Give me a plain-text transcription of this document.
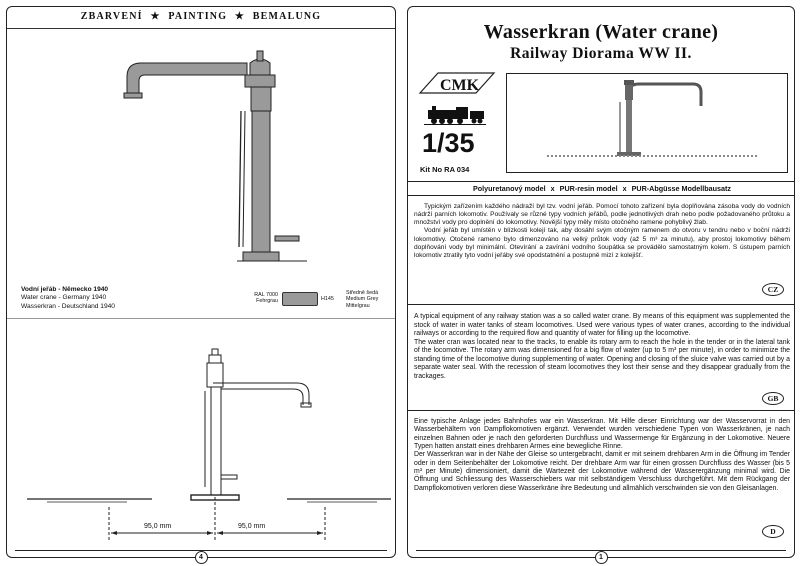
ZBARVENÍ ★ PAINTING ★ BEMALUNG
Vodní jeřáb - Německo 1940
Water crane - Germany 1940
Wasserkran - Deutschland 1940
RAL 7000
Fehrgrau	H145
Středně šedá
Medium Grey
Mittelgrau
95,0 mm	95,0 mm
4
Wasserkran (Water crane)
Railway Diorama WW II.
CMK
1/35
Kit No RA 034
Polyuretanový model x PUR-resin model x PUR-Abgüsse Modellbausatz

Typickým zařízením každého nádraží byl tzv. vodní jeřáb. Pomocí tohoto zařízení byla doplňována zásoba vody do vodních nádrží parních lokomotiv. Používaly se různé typy vodních jeřábů, podle jednotlivých drah nebo podle požadovaného průtoku a množství vody pro doplnění do lokomotivy. Novější typy měly místo otočného ramene pohyblivý žlab.

Vodní jeřáb byl umístěn v blízkosti kolejí tak, aby dosáhl svým otočným ramenem do otvoru v tendru nebo v boční nádrži lokomotivy. Otočené rameno bylo dimenzováno na velký průtok vody (až 5 m³ za minutu), aby prostoj lokomotivy během doplňování vody byl minimální. Otevírání a zavírání vodního šoupátka se provádělo samostatným kolem. S ústupem parních lokomotiv ztratily tyto vodní jeřáby své opodstatnění a postupně mizí z kolejišť.

CZ

A typical equipment of any railway station was a so called water crane. By means of this equipment was supplemented the stock of water in water tanks of steam locomotives. Used were various types of water cranes, according to the individual railways or according to the required flow and quantity of water for filling up the locomotive.

The water cran was located near to the tracks, to enable its rotary arm to reach the hole in the tender or in the lateral tank of the locomotive. The rotary arm was dimensioned for a big flow of water (up to 5 m³ per minute), in order to minimize the standing time of the locomotive during supplementing of water. Opening and closing of the sluice valve was carried out by a separate water seal. With the recession of steam locomotives they lost their sense and they disappear gradually from the trackages.

GB

Eine typische Anlage jedes Bahnhofes war ein Wasserkran. Mit Hilfe dieser Einrichtung war der Wasservorrat in den Wasserbehältern von Dampflokomotiven ergänzt. Verwendet wurden verschiedene Typen von Wasserkränen, je nach einzelnen Bahnen oder je nach den geforderten Durchfluss und Wassermenge für Ergänzung in der Lokomotive. Neuere Typen hatten anstatt eines drehbaren Armes eine bewegliche Rinne.

Der Wasserkran war in der Nähe der Gleise so untergebracht, damit er mit seinem drehbaren Arm in die Öffnung im Tender oder in dem Seitenbehälter der Lokomotive reicht. Der drehbare Arm war für einen grossen Durchfluss des Wasser (bis 5 m³ per Minute) dimensioniert, damit die Wartezeit der Lokomotive während der Wasserergänzung minimal wird. Die Öffnung und Schliessung des Wasserschiebers war mit selbständigem Verschluss durchgeführt. Mit dem Rückgang der Dampflokomotiven verloren diese Wasserkräne ihre Bedeutung und allmählich verschwinden sie von den Gleisanlagen.

D
1
